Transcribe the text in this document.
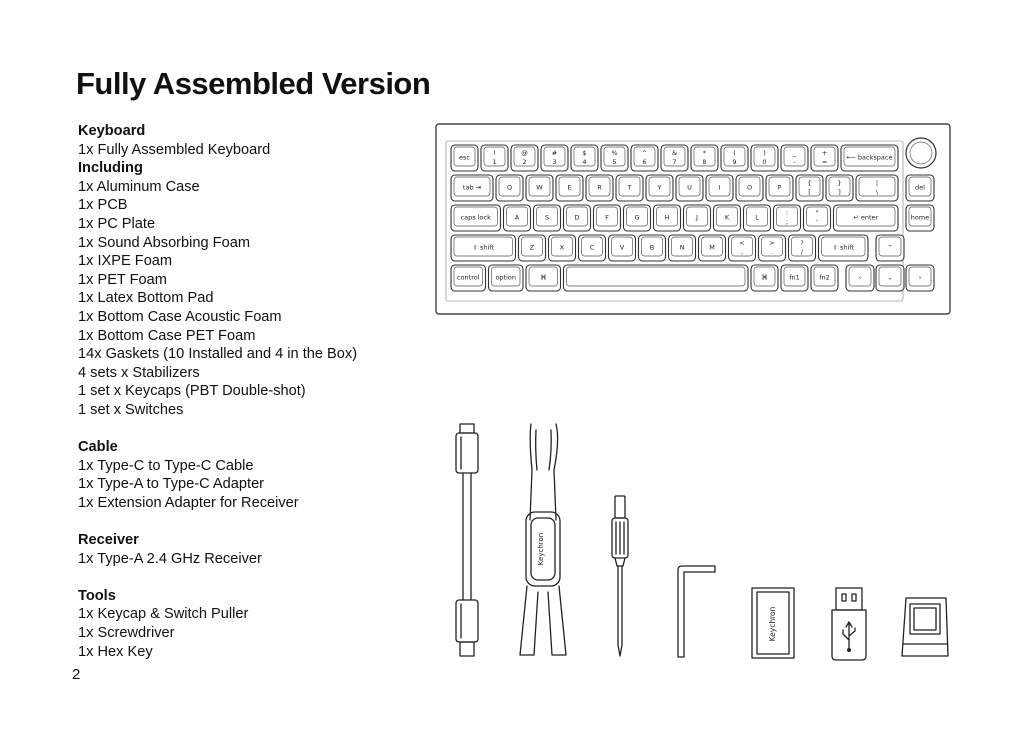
Fully Assembled Version
Keyboard
1x Fully Assembled Keyboard
Including
1x Aluminum Case
1x PCB
1x PC Plate
1x Sound Absorbing Foam
1x IXPE Foam
1x PET Foam
1x Latex Bottom Pad
1x Bottom Case Acoustic Foam
1x Bottom Case PET Foam
14x Gaskets (10 Installed and 4 in the Box)
4 sets x Stabilizers
1 set x Keycaps (PBT Double-shot)
1 set x Switches
Cable
1x Type-C to Type-C Cable
1x Type-A to Type-C Adapter
1x Extension Adapter for Receiver
Receiver
1x Type-A 2.4 GHz Receiver
Tools
1x Keycap & Switch Puller
1x Screwdriver
1x Hex Key
2
esc
!
1
@
2
#
3
$
4
%
5
^
6
&
7
*
8
(
9
)
0
_
-
+
=
⟵ backspace
tab ⇥	Q	W	E	R	T	Y	U	I	O	P
{
[
}
]
|
\
caps lock	A	S	D	F	G	H	J	K	L
:
;
"
'
↵ enter
⇧ shift	Z	X	C	V	B	N	M
<
,
>
.
?
/
⇧ shift
control option	⌘	⌘	fn1	fn2
del
home
⌃
‹	⌄	›
Keychron
Keychron
